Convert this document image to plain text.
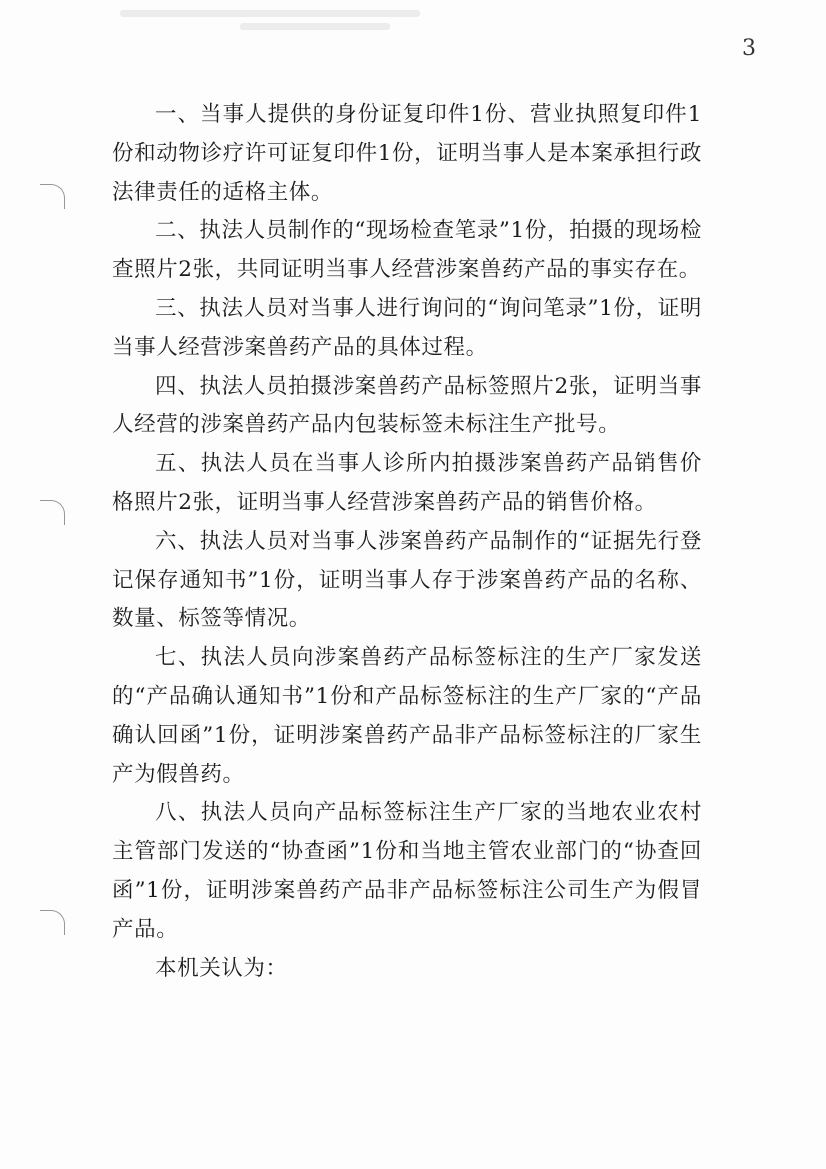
3

一、当事人提供的身份证复印件1份、营业执照复印件1份和动物诊疗许可证复印件1份，证明当事人是本案承担行政法律责任的适格主体。

二、执法人员制作的“现场检查笔录”1份，拍摄的现场检查照片2张，共同证明当事人经营涉案兽药产品的事实存在。

三、执法人员对当事人进行询问的“询问笔录”1份，证明当事人经营涉案兽药产品的具体过程。

四、执法人员拍摄涉案兽药产品标签照片2张，证明当事人经营的涉案兽药产品内包装标签未标注生产批号。

五、执法人员在当事人诊所内拍摄涉案兽药产品销售价格照片2张，证明当事人经营涉案兽药产品的销售价格。

六、执法人员对当事人涉案兽药产品制作的“证据先行登记保存通知书”1份，证明当事人存于涉案兽药产品的名称、数量、标签等情况。

七、执法人员向涉案兽药产品标签标注的生产厂家发送的“产品确认通知书”1份和产品标签标注的生产厂家的“产品确认回函”1份，证明涉案兽药产品非产品标签标注的厂家生产为假兽药。

八、执法人员向产品标签标注生产厂家的当地农业农村主管部门发送的“协查函”1份和当地主管农业部门的“协查回函”1份，证明涉案兽药产品非产品标签标注公司生产为假冒产品。

本机关认为：
